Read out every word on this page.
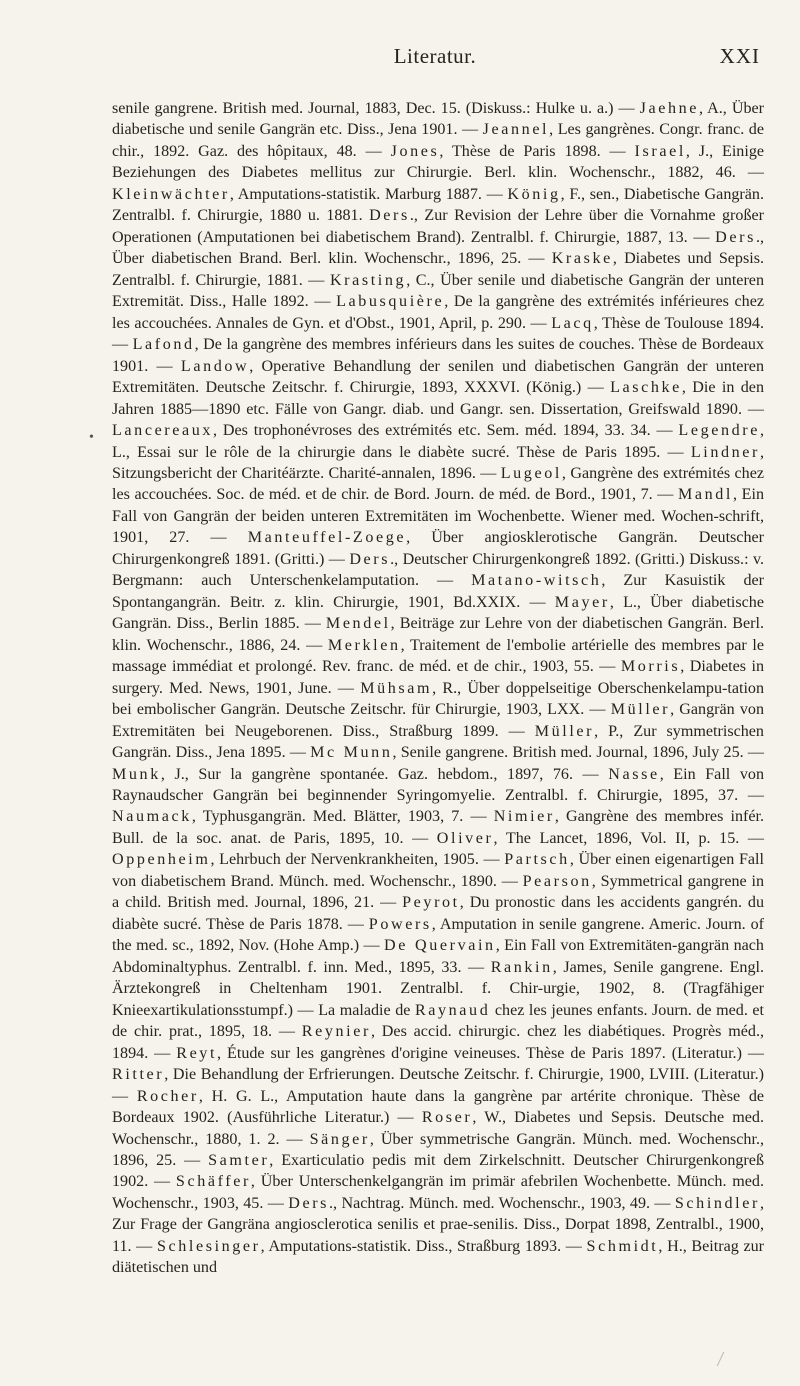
Literatur.	XXI
•

senile gangrene. British med. Journal, 1883, Dec. 15. (Diskuss.: Hulke u. a.) — Jaehne, A., Über diabetische und senile Gangrän etc. Diss., Jena 1901. — Jeannel, Les gangrènes. Congr. franc. de chir., 1892. Gaz. des hôpitaux, 48. — Jones, Thèse de Paris 1898. — Israel, J., Einige Beziehungen des Diabetes mellitus zur Chirurgie. Berl. klin. Wochenschr., 1882, 46. — Kleinwächter, Amputations-statistik. Marburg 1887. — König, F., sen., Diabetische Gangrän. Zentralbl. f. Chirurgie, 1880 u. 1881. Ders., Zur Revision der Lehre über die Vornahme großer Operationen (Amputationen bei diabetischem Brand). Zentralbl. f. Chirurgie, 1887, 13. — Ders., Über diabetischen Brand. Berl. klin. Wochenschr., 1896, 25. — Kraske, Diabetes und Sepsis. Zentralbl. f. Chirurgie, 1881. — Krasting, C., Über senile und diabetische Gangrän der unteren Extremität. Diss., Halle 1892. — Labusquière, De la gangrène des extrémités inférieures chez les accouchées. Annales de Gyn. et d'Obst., 1901, April, p. 290. — Lacq, Thèse de Toulouse 1894. — Lafond, De la gangrène des membres inférieurs dans les suites de couches. Thèse de Bordeaux 1901. — Landow, Operative Behandlung der senilen und diabetischen Gangrän der unteren Extremitäten. Deutsche Zeitschr. f. Chirurgie, 1893, XXXVI. (König.) — Laschke, Die in den Jahren 1885—1890 etc. Fälle von Gangr. diab. und Gangr. sen. Dissertation, Greifswald 1890. — Lancereaux, Des trophonévroses des extrémités etc. Sem. méd. 1894, 33. 34. — Legendre, L., Essai sur le rôle de la chirurgie dans le diabète sucré. Thèse de Paris 1895. — Lindner, Sitzungsbericht der Charitéärzte. Charité-annalen, 1896. — Lugeol, Gangrène des extrémités chez les accouchées. Soc. de méd. et de chir. de Bord. Journ. de méd. de Bord., 1901, 7. — Mandl, Ein Fall von Gangrän der beiden unteren Extremitäten im Wochenbette. Wiener med. Wochen-schrift, 1901, 27. — Manteuffel-Zoege, Über angiosklerotische Gangrän. Deutscher Chirurgenkongreß 1891. (Gritti.) — Ders., Deutscher Chirurgenkongreß 1892. (Gritti.) Diskuss.: v. Bergmann: auch Unterschenkelamputation. — Matano-witsch, Zur Kasuistik der Spontangangrän. Beitr. z. klin. Chirurgie, 1901, Bd.XXIX. — Mayer, L., Über diabetische Gangrän. Diss., Berlin 1885. — Mendel, Beiträge zur Lehre von der diabetischen Gangrän. Berl. klin. Wochenschr., 1886, 24. — Merklen, Traitement de l'embolie artérielle des membres par le massage immédiat et prolongé. Rev. franc. de méd. et de chir., 1903, 55. — Morris, Diabetes in surgery. Med. News, 1901, June. — Mühsam, R., Über doppelseitige Oberschenkelampu-tation bei embolischer Gangrän. Deutsche Zeitschr. für Chirurgie, 1903, LXX. — Müller, Gangrän von Extremitäten bei Neugeborenen. Diss., Straßburg 1899. — Müller, P., Zur symmetrischen Gangrän. Diss., Jena 1895. — Mc Munn, Senile gangrene. British med. Journal, 1896, July 25. — Munk, J., Sur la gangrène spontanée. Gaz. hebdom., 1897, 76. — Nasse, Ein Fall von Raynaudscher Gangrän bei beginnender Syringomyelie. Zentralbl. f. Chirurgie, 1895, 37. — Naumack, Typhusgangrän. Med. Blätter, 1903, 7. — Nimier, Gangrène des membres infér. Bull. de la soc. anat. de Paris, 1895, 10. — Oliver, The Lancet, 1896, Vol. II, p. 15. — Oppenheim, Lehrbuch der Nervenkrankheiten, 1905. — Partsch, Über einen eigenartigen Fall von diabetischem Brand. Münch. med. Wochenschr., 1890. — Pearson, Symmetrical gangrene in a child. British med. Journal, 1896, 21. — Peyrot, Du pronostic dans les accidents gangrén. du diabète sucré. Thèse de Paris 1878. — Powers, Amputation in senile gangrene. Americ. Journ. of the med. sc., 1892, Nov. (Hohe Amp.) — De Quervain, Ein Fall von Extremitäten-gangrän nach Abdominaltyphus. Zentralbl. f. inn. Med., 1895, 33. — Rankin, James, Senile gangrene. Engl. Ärztekongreß in Cheltenham 1901. Zentralbl. f. Chir-urgie, 1902, 8. (Tragfähiger Knieexartikulationsstumpf.) — La maladie de Raynaud chez les jeunes enfants. Journ. de med. et de chir. prat., 1895, 18. — Reynier, Des accid. chirurgic. chez les diabétiques. Progrès méd., 1894. — Reyt, Étude sur les gangrènes d'origine veineuses. Thèse de Paris 1897. (Literatur.) — Ritter, Die Behandlung der Erfrierungen. Deutsche Zeitschr. f. Chirurgie, 1900, LVIII. (Literatur.) — Rocher, H. G. L., Amputation haute dans la gangrène par artérite chronique. Thèse de Bordeaux 1902. (Ausführliche Literatur.) — Roser, W., Diabetes und Sepsis. Deutsche med. Wochenschr., 1880, 1. 2. — Sänger, Über symmetrische Gangrän. Münch. med. Wochenschr., 1896, 25. — Samter, Exarticulatio pedis mit dem Zirkelschnitt. Deutscher Chirurgenkongreß 1902. — Schäffer, Über Unterschenkelgangrän im primär afebrilen Wochenbette. Münch. med. Wochenschr., 1903, 45. — Ders., Nachtrag. Münch. med. Wochenschr., 1903, 49. — Schindler, Zur Frage der Gangräna angiosclerotica senilis et prae-senilis. Diss., Dorpat 1898, Zentralbl., 1900, 11. — Schlesinger, Amputations-statistik. Diss., Straßburg 1893. — Schmidt, H., Beitrag zur diätetischen und
